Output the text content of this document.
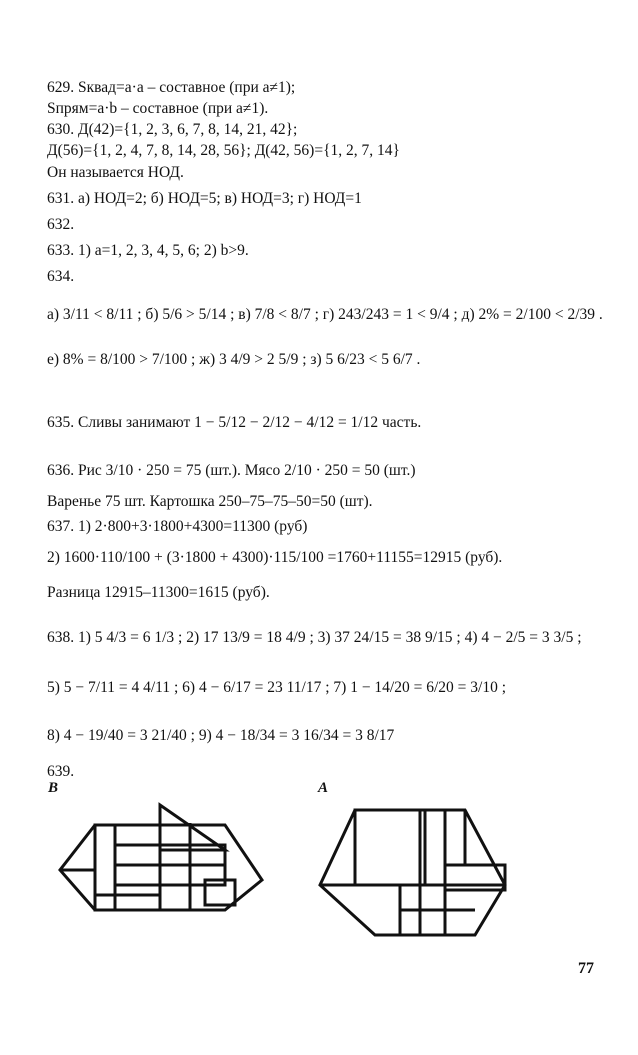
629. Sквад=a·a – составное (при a≠1);
Sпрям=a·b – составное (при a≠1).
630. Д(42)={1, 2, 3, 6, 7, 8, 14, 21, 42};
Д(56)={1, 2, 4, 7, 8, 14, 28, 56}; Д(42, 56)={1, 2, 7, 14}
Он называется НОД.
631. а) НОД=2; б) НОД=5; в) НОД=3; г) НОД=1
632.
633. 1) a=1, 2, 3, 4, 5, 6; 2) b>9.
634.
а) 3/11 < 8/11 ; б) 5/6 > 5/14 ; в) 7/8 < 8/7 ; г) 243/243 = 1 < 9/4 ; д) 2% = 2/100 < 2/39 .
е) 8% = 8/100 > 7/100 ; ж) 3 4/9 > 2 5/9 ; з) 5 6/23 < 5 6/7 .
635. Сливы занимают 1 − 5/12 − 2/12 − 4/12 = 1/12 часть.
636. Рис 3/10 · 250 = 75 (шт.). Мясо 2/10 · 250 = 50 (шт.)
Варенье 75 шт. Картошка 250–75–75–50=50 (шт).
637. 1) 2·800+3·1800+4300=11300 (руб)
2) 1600·110/100 + (3·1800 + 4300)·115/100 =1760+11155=12915 (руб).
Разница 12915–11300=1615 (руб).
638. 1) 5 4/3 = 6 1/3 ; 2) 17 13/9 = 18 4/9 ; 3) 37 24/15 = 38 9/15 ; 4) 4 − 2/5 = 3 3/5 ;
5) 5 − 7/11 = 4 4/11 ; 6) 4 − 6/17 = 23 11/17 ; 7) 1 − 14/20 = 6/20 = 3/10 ;
8) 4 − 19/40 = 3 21/40 ; 9) 4 − 18/34 = 3 16/34 = 3 8/17
639.
B	A
77
